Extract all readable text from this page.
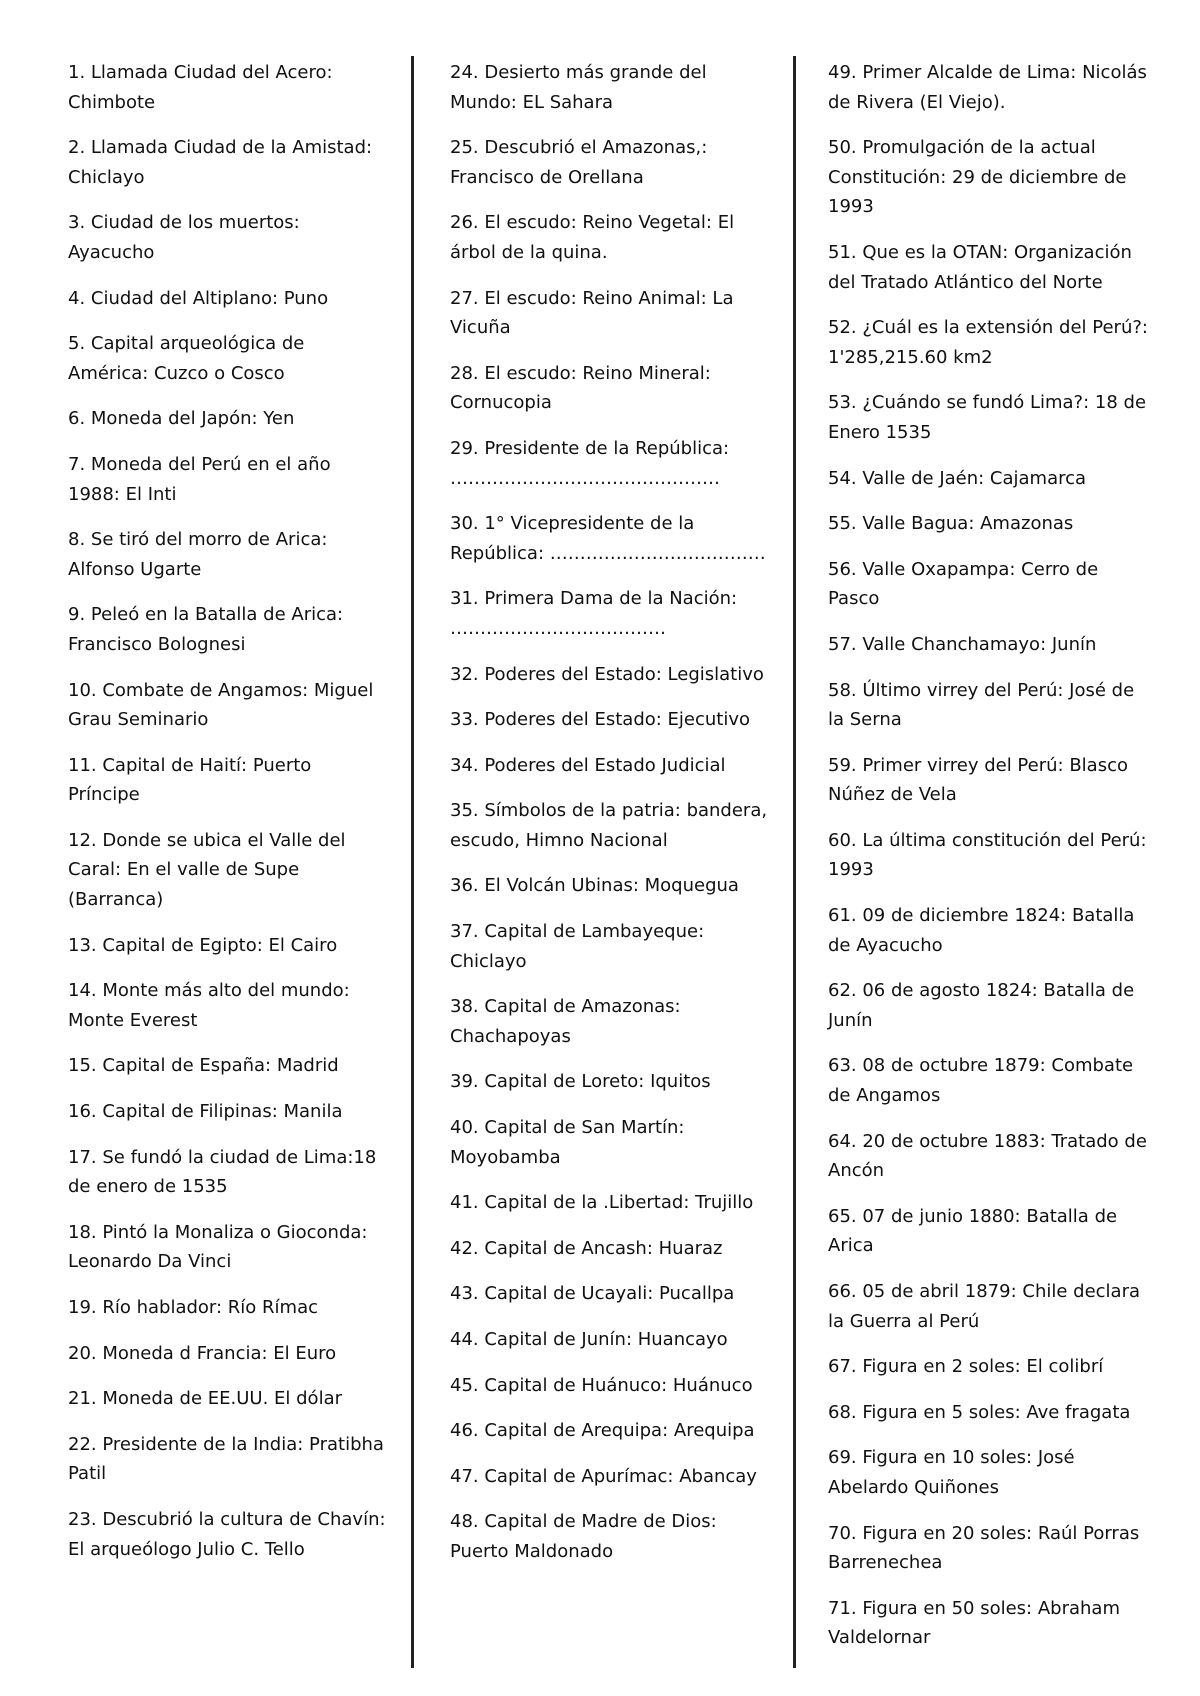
1. Llamada Ciudad del Acero: Chimbote

2. Llamada Ciudad de la Amistad: Chiclayo

3. Ciudad de los muertos: Ayacucho

4. Ciudad del Altiplano: Puno

5. Capital arqueológica de América: Cuzco o Cosco

6. Moneda del Japón: Yen

7. Moneda del Perú en el año 1988: El Inti

8. Se tiró del morro de Arica: Alfonso Ugarte

9. Peleó en la Batalla de Arica: Francisco Bolognesi

10. Combate de Angamos: Miguel Grau Seminario

11. Capital de Haití: Puerto Príncipe

12. Donde se ubica el Valle del Caral: En el valle de Supe (Barranca)

13. Capital de Egipto: El Cairo

14. Monte más alto del mundo: Monte Everest

15. Capital de España: Madrid

16. Capital de Filipinas: Manila

17. Se fundó la ciudad de Lima:18 de enero de 1535

18. Pintó la Monaliza o Gioconda: Leonardo Da Vinci

19. Río hablador: Río Rímac

20. Moneda d Francia: El Euro

21. Moneda de EE.UU. El dólar

22. Presidente de la India: Pratibha Patil

23. Descubrió la cultura de Chavín: El arqueólogo Julio C. Tello

24. Desierto más grande del Mundo: EL Sahara

25. Descubrió el Amazonas,: Francisco de Orellana

26. El escudo: Reino Vegetal: El árbol de la quina.

27. El escudo: Reino Animal: La Vicuña

28. El escudo: Reino Mineral: Cornucopia

29. Presidente de la República: ………………………………………

30. 1° Vicepresidente de la República: ………………………………

31. Primera Dama de la Nación: ………………………………

32. Poderes del Estado: Legislativo

33. Poderes del Estado: Ejecutivo

34. Poderes del Estado Judicial

35. Símbolos de la patria: bandera, escudo, Himno Nacional

36. El Volcán Ubinas: Moquegua

37. Capital de Lambayeque: Chiclayo

38. Capital de Amazonas: Chachapoyas

39. Capital de Loreto: Iquitos

40. Capital de San Martín: Moyobamba

41. Capital de la .Libertad: Trujillo

42. Capital de Ancash: Huaraz

43. Capital de Ucayali: Pucallpa

44. Capital de Junín: Huancayo

45. Capital de Huánuco: Huánuco

46. Capital de Arequipa: Arequipa

47. Capital de Apurímac: Abancay

48. Capital de Madre de Dios: Puerto Maldonado

49. Primer Alcalde de Lima: Nicolás de Rivera (El Viejo).

50. Promulgación de la actual Constitución: 29 de diciembre de 1993

51. Que es la OTAN: Organización del Tratado Atlántico del Norte

52. ¿Cuál es la extensión del Perú?: 1'285,215.60 km2

53. ¿Cuándo se fundó Lima?: 18 de Enero 1535

54. Valle de Jaén: Cajamarca

55. Valle Bagua: Amazonas

56. Valle Oxapampa: Cerro de Pasco

57. Valle Chanchamayo: Junín

58. Último virrey del Perú: José de la Serna

59. Primer virrey del Perú: Blasco Núñez de Vela

60. La última constitución del Perú: 1993

61. 09 de diciembre 1824: Batalla de Ayacucho

62. 06 de agosto 1824: Batalla de Junín

63. 08 de octubre 1879: Combate de Angamos

64. 20 de octubre 1883: Tratado de Ancón

65. 07 de junio 1880: Batalla de Arica

66. 05 de abril 1879: Chile declara la Guerra al Perú

67. Figura en 2 soles: El colibrí

68. Figura en 5 soles: Ave fragata

69. Figura en 10 soles: José Abelardo Quiñones

70. Figura en 20 soles: Raúl Porras Barrenechea

71. Figura en 50 soles: Abraham Valdelornar
